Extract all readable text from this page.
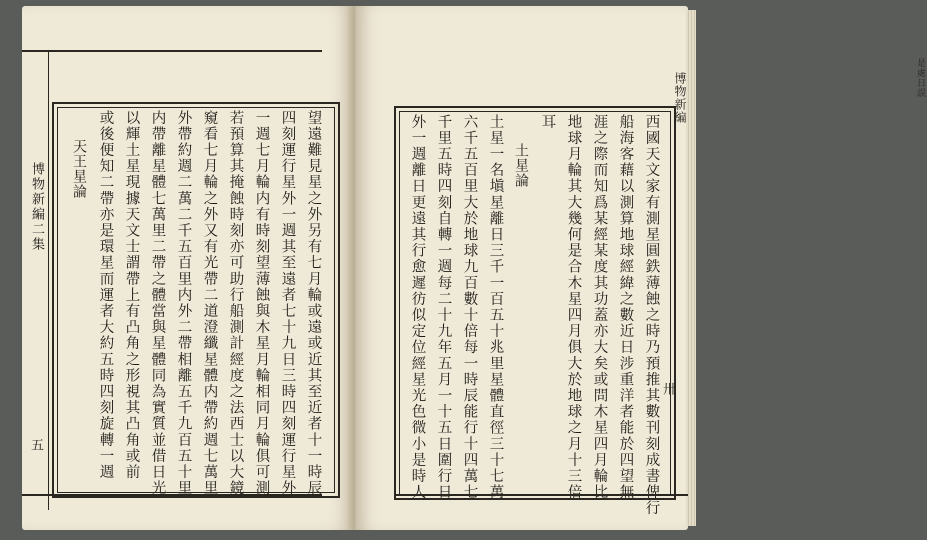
博物新編二集
五	望遠難見星之外另有七月輪或遠或近其至近者十一時辰
四刻運行星外一週其至遠者七十九日三時四刻運行星外
一週七月輪内有時刻望薄蝕與木星月輪相同月輪俱可測
若預算其掩蝕時刻亦可助行船測計經度之法西士以大鏡
窺看七月輪之外又有光帶二道澄纖星體内帶約週七萬里
外帶約週二萬二千五百里内外二帶相離五千九百五十里
内帶離星體七萬里二帶之體當與星體同為實質並借日光
以輝土星現據天文士謂帶上有凸角之形視其凸角或前
或後便知二帶亦是環星而運者大約五時四刻旋轉一週
　天王星論
是處日誤
西國天文家有測星圓鉄薄蝕之時乃預推其數刊刻成書俾行
船海客藉以測算地球經緯之數近日涉重洋者能於四望無
涯之際而知爲某經某度其功蓋亦大矣或問木星四月輪比
地球月輪其大幾何是合木星四月俱大於地球之月十三倍
耳
　土星論
土星一名塡星離日三千一百五十兆里星體直徑三十七萬
六千五百里大於地球九百數十倍每一時辰能行十四萬七
千里五時四刻自轉一週每二十九年五月一十五日圍行日
外一週離日更遠其行愈遲彷似定位經星光色微小是時人
博物新編
卅
